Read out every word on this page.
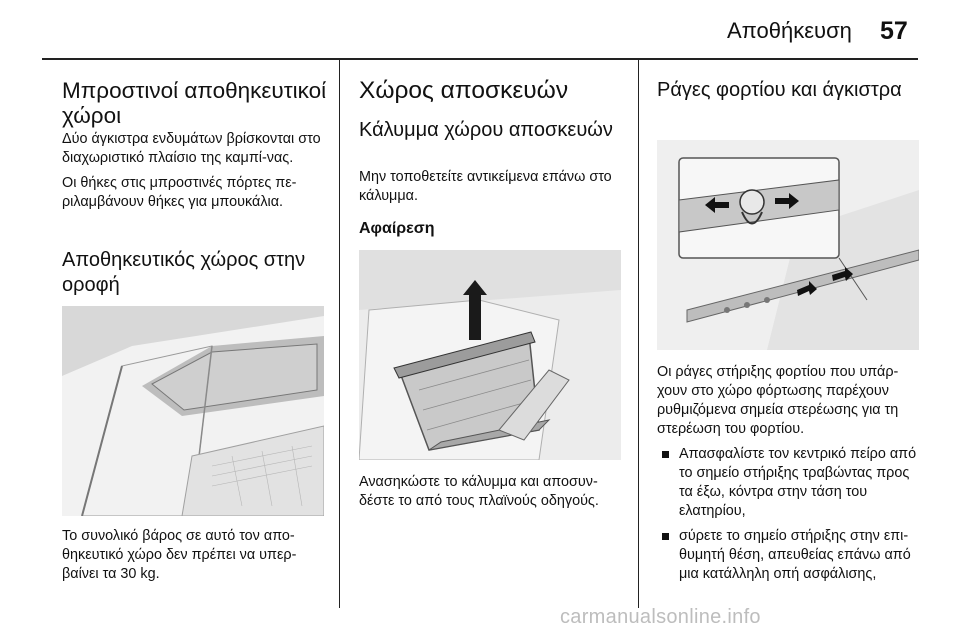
Αποθήκευση 57
Μπροστινοί αποθηκευτικοί χώροι

Δύο άγκιστρα ενδυμάτων βρίσκονται στο διαχωριστικό πλαίσιο της καμπί-νας.

Οι θήκες στις μπροστινές πόρτες πε-ριλαμβάνουν θήκες για μπουκάλια.

Αποθηκευτικός χώρος στην οροφή

Το συνολικό βάρος σε αυτό τον απο-θηκευτικό χώρο δεν πρέπει να υπερ-βαίνει τα 30 kg.

Χώρος αποσκευών
Κάλυμμα χώρου αποσκευών

Μην τοποθετείτε αντικείμενα επάνω στο κάλυμμα.

Αφαίρεση

Ανασηκώστε το κάλυμμα και αποσυν-δέστε το από τους πλαϊνούς οδηγούς.

Ράγες φορτίου και άγκιστρα

Οι ράγες στήριξης φορτίου που υπάρ-χουν στο χώρο φόρτωσης παρέχουν ρυθμιζόμενα σημεία στερέωσης για τη στερέωση του φορτίου.

Απασφαλίστε τον κεντρικό πείρο από το σημείο στήριξης τραβώντας προς τα έξω, κόντρα στην τάση του ελατηρίου,
σύρετε το σημείο στήριξης στην επι-θυμητή θέση, απευθείας επάνω από μια κατάλληλη οπή ασφάλισης,
carmanualsonline.info
